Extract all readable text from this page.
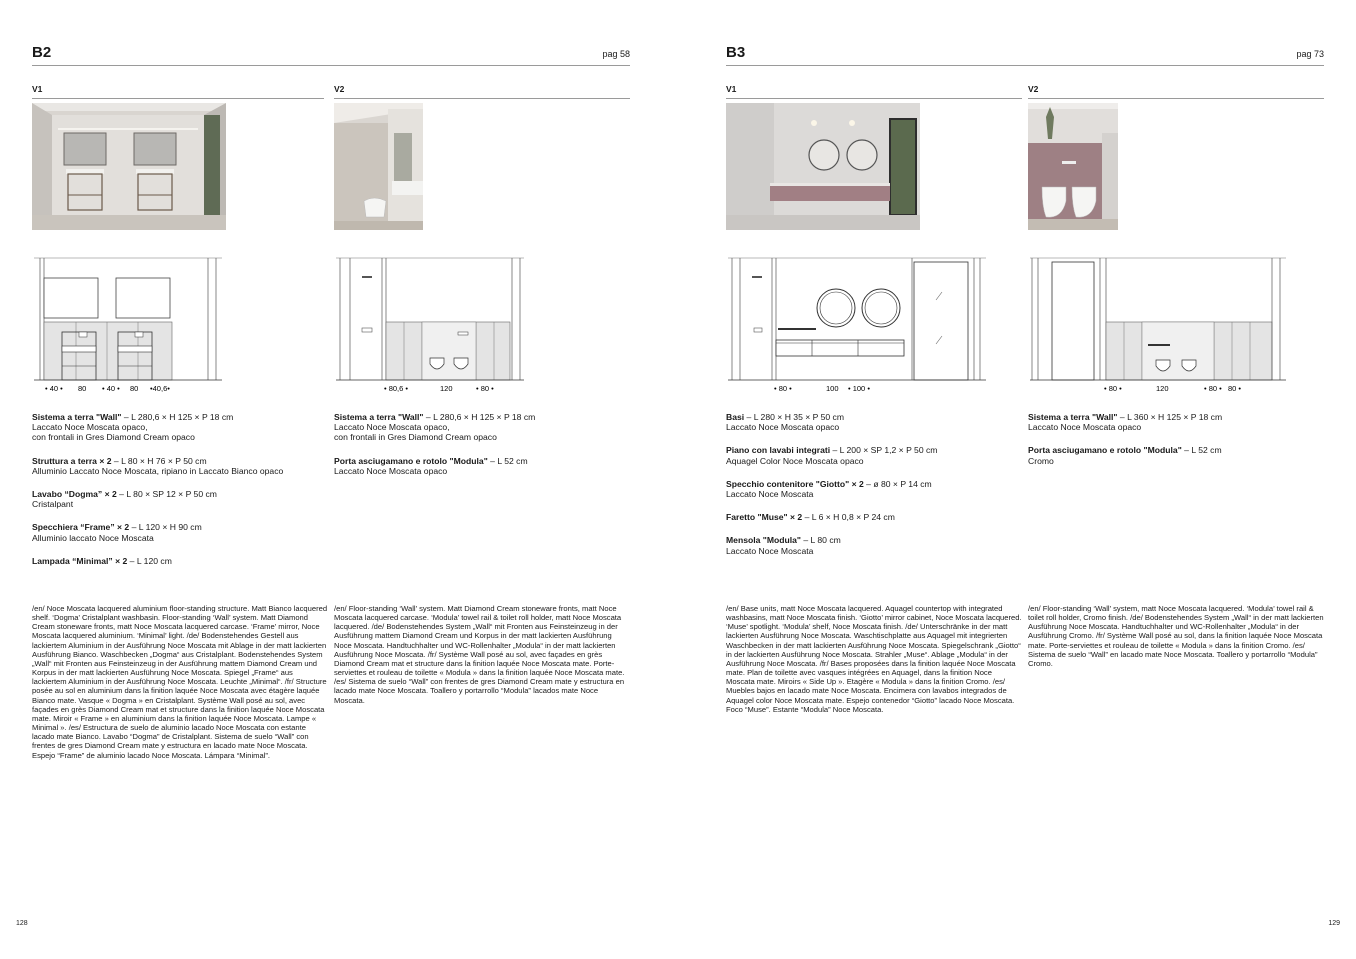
B2	pag 58
V1
• 40 • 80 • 40 • 80 •40,6•
Sistema a terra "Wall" – L 280,6 × H 125 × P 18 cm
Laccato Noce Moscata opaco,
con frontali in Gres Diamond Cream opaco
Struttura a terra × 2 – L 80 × H 76 × P 50 cm
Alluminio Laccato Noce Moscata, ripiano in Laccato Bianco opaco
Lavabo “Dogma” × 2 – L 80 × SP 12 × P 50 cm
Cristalpant
Specchiera “Frame” × 2 – L 120 × H 90 cm
Alluminio laccato Noce Moscata
Lampada “Minimal” × 2 – L 120 cm
/en/ Noce Moscata lacquered aluminium floor-standing structure. Matt Bianco lacquered shelf. ‘Dogma’ Cristalplant washbasin. Floor-standing ‘Wall’ system. Matt Diamond Cream stoneware fronts, matt Noce Moscata lacquered carcase. ‘Frame’ mirror, Noce Moscata lacquered aluminium. ‘Minimal’ light. /de/ Bodenstehendes Gestell aus lackiertem Aluminium in der Ausführung Noce Moscata mit Ablage in der matt lackierten Ausführung Bianco. Waschbecken „Dogma“ aus Cristalplant. Bodenstehendes System „Wall“ mit Fronten aus Feinsteinzeug in der Ausführung mattem Diamond Cream und Korpus in der matt lackierten Ausführung Noce Moscata. Spiegel „Frame“ aus lackiertem Aluminium in der Ausführung Noce Moscata. Leuchte „Minimal“. /fr/ Structure posée au sol en aluminium dans la finition laquée Noce Moscata avec étagère laquée Bianco mate. Vasque « Dogma » en Cristalplant. Système Wall posé au sol, avec façades en grès Diamond Cream mat et structure dans la finition laquée Noce Moscata mate. Miroir « Frame » en aluminium dans la finition laquée Noce Moscata. Lampe « Minimal ». /es/ Estructura de suelo de aluminio lacado Noce Moscata con estante lacado mate Bianco. Lavabo “Dogma” de Cristalplant. Sistema de suelo “Wall” con frentes de gres Diamond Cream mate y estructura en lacado mate Noce Moscata. Espejo “Frame” de aluminio lacado Noce Moscata. Lámpara “Minimal”.
V2
• 80,6 •	120	• 80 •
Sistema a terra "Wall" – L 280,6 × H 125 × P 18 cm
Laccato Noce Moscata opaco,
con frontali in Gres Diamond Cream opaco
Porta asciugamano e rotolo "Modula" – L 52 cm
Laccato Noce Moscata opaco
/en/ Floor-standing ‘Wall’ system. Matt Diamond Cream stoneware fronts, matt Noce Moscata lacquered carcase. ‘Modula’ towel rail & toilet roll holder, matt Noce Moscata lacquered. /de/ Bodenstehendes System „Wall“ mit Fronten aus Feinsteinzeug in der Ausführung mattem Diamond Cream und Korpus in der matt lackierten Ausführung Noce Moscata. Handtuchhalter und WC-Rollenhalter „Modula“ in der matt lackierten Ausführung Noce Moscata. /fr/ Système Wall posé au sol, avec façades en grès Diamond Cream mat et structure dans la finition laquée Noce Moscata mate. Porte-serviettes et rouleau de toilette « Modula » dans la finition laquée Noce Moscata mate. /es/ Sistema de suelo “Wall” con frentes de gres Diamond Cream mate y estructura en lacado mate Noce Moscata. Toallero y portarrollo “Modula” lacados mate Noce Moscata.
128
B3	pag 73
V1
• 80 •	100 • 100 •
Basi – L 280 × H 35 × P 50 cm
Laccato Noce Moscata opaco
Piano con lavabi integrati – L 200 × SP 1,2 × P 50 cm
Aquagel Color Noce Moscata opaco
Specchio contenitore "Giotto" × 2 – ø 80 × P 14 cm
Laccato Noce Moscata
Faretto "Muse" × 2 – L 6 × H 0,8 × P 24 cm
Mensola "Modula" – L 80 cm
Laccato Noce Moscata
/en/ Base units, matt Noce Moscata lacquered. Aquagel countertop with integrated washbasins, matt Noce Moscata finish. ‘Giotto’ mirror cabinet, Noce Moscata lacquered. ‘Muse’ spotlight. ‘Modula’ shelf, Noce Moscata finish. /de/ Unterschränke in der matt lackierten Ausführung Noce Moscata. Waschtischplatte aus Aquagel mit integrierten Waschbecken in der matt lackierten Ausführung Noce Moscata. Spiegelschrank „Giotto“ in der lackierten Ausführung Noce Moscata. Strahler „Muse“. Ablage „Modula“ in der Ausführung Noce Moscata. /fr/ Bases proposées dans la finition laquée Noce Moscata mate. Plan de toilette avec vasques intégrées en Aquagel, dans la finition Noce Moscata mate. Miroirs « Side Up ». Etagère « Modula » dans la finition Cromo. /es/ Muebles bajos en lacado mate Noce Moscata. Encimera con lavabos integrados de Aquagel color Noce Moscata mate. Espejo contenedor “Giotto” lacado Noce Moscata. Foco “Muse”. Estante “Modula” Noce Moscata.
V2
• 80 •	120	• 80 • 80 •
Sistema a terra "Wall" – L 360 × H 125 × P 18 cm
Laccato Noce Moscata opaco
Porta asciugamano e rotolo "Modula" – L 52 cm
Cromo
/en/ Floor-standing ‘Wall’ system, matt Noce Moscata lacquered. ‘Modula’ towel rail & toilet roll holder, Cromo finish. /de/ Bodenstehendes System „Wall“ in der matt lackierten Ausführung Noce Moscata. Handtuchhalter und WC-Rollenhalter „Modula“ in der Ausführung Cromo. /fr/ Système Wall posé au sol, dans la finition laquée Noce Moscata mate. Porte-serviettes et rouleau de toilette « Modula » dans la finition Cromo. /es/ Sistema de suelo “Wall” en lacado mate Noce Moscata. Toallero y portarrollo “Modula” Cromo.
129
